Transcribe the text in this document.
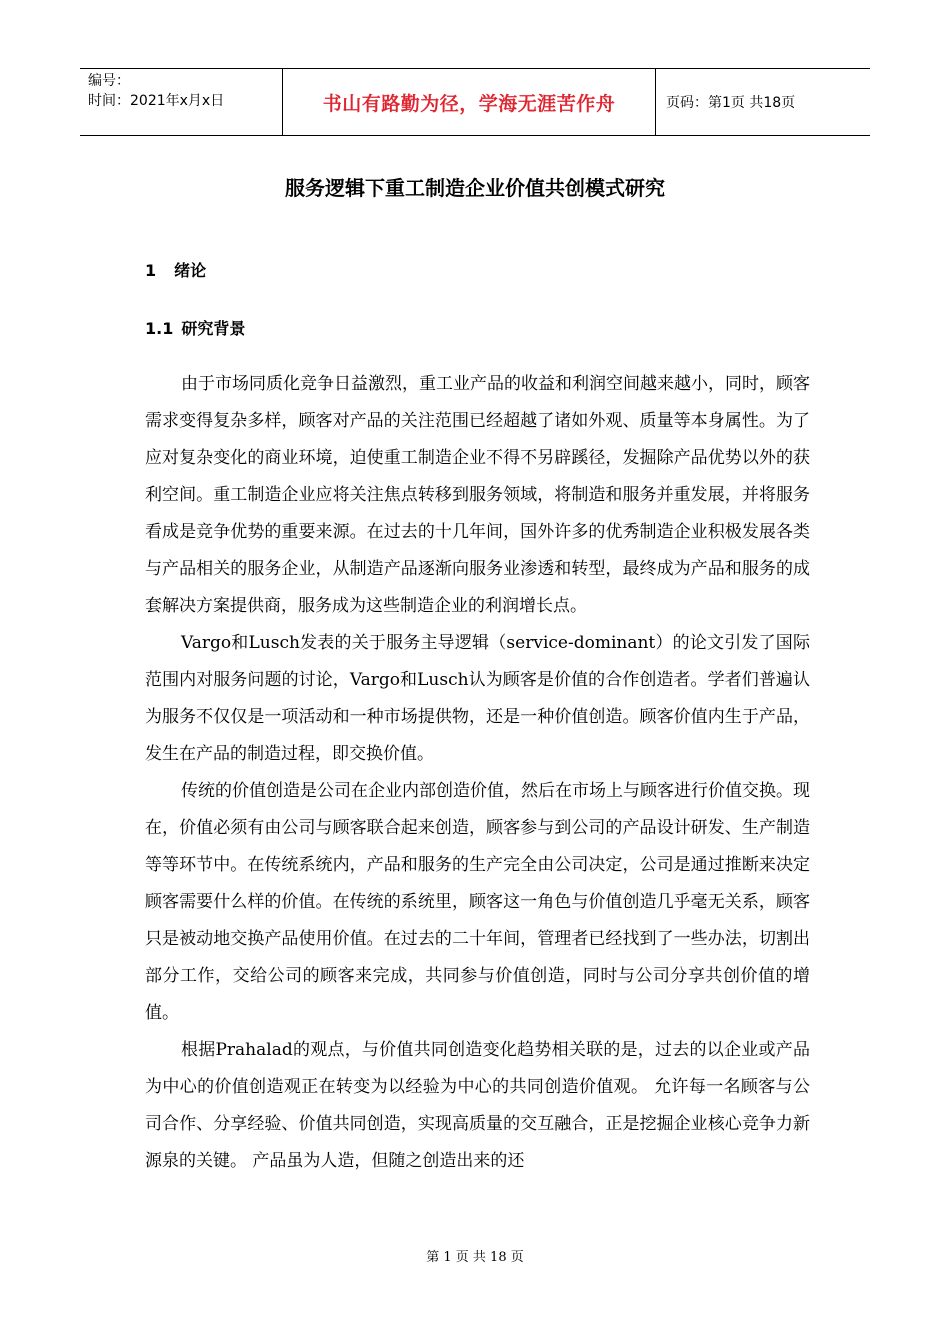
编号：
时间：2021年x月x日	书山有路勤为径，学海无涯苦作舟	页码：第1页 共18页
服务逻辑下重工制造企业价值共创模式研究
1 绪论
1.1 研究背景

由于市场同质化竞争日益激烈，重工业产品的收益和利润空间越来越小，同时，顾客需求变得复杂多样，顾客对产品的关注范围已经超越了诸如外观、质量等本身属性。为了应对复杂变化的商业环境，迫使重工制造企业不得不另辟蹊径，发掘除产品优势以外的获利空间。重工制造企业应将关注焦点转移到服务领域，将制造和服务并重发展，并将服务看成是竞争优势的重要来源。在过去的十几年间，国外许多的优秀制造企业积极发展各类与产品相关的服务企业，从制造产品逐渐向服务业渗透和转型，最终成为产品和服务的成套解决方案提供商，服务成为这些制造企业的利润增长点。

Vargo和Lusch发表的关于服务主导逻辑（service-dominant）的论文引发了国际范围内对服务问题的讨论，Vargo和Lusch认为顾客是价值的合作创造者。学者们普遍认为服务不仅仅是一项活动和一种市场提供物，还是一种价值创造。顾客价值内生于产品，发生在产品的制造过程，即交换价值。

传统的价值创造是公司在企业内部创造价值，然后在市场上与顾客进行价值交换。现在，价值必须有由公司与顾客联合起来创造，顾客参与到公司的产品设计研发、生产制造等等环节中。在传统系统内，产品和服务的生产完全由公司决定，公司是通过推断来决定顾客需要什么样的价值。在传统的系统里，顾客这一角色与价值创造几乎毫无关系，顾客只是被动地交换产品使用价值。在过去的二十年间，管理者已经找到了一些办法，切割出部分工作，交给公司的顾客来完成，共同参与价值创造，同时与公司分享共创价值的增值。

根据Prahalad的观点，与价值共同创造变化趋势相关联的是，过去的以企业或产品为中心的价值创造观正在转变为以经验为中心的共同创造价值观。 允许每一名顾客与公司合作、分享经验、价值共同创造，实现高质量的交互融合，正是挖掘企业核心竞争力新源泉的关键。 产品虽为人造，但随之创造出来的还

第 1 页 共 18 页
